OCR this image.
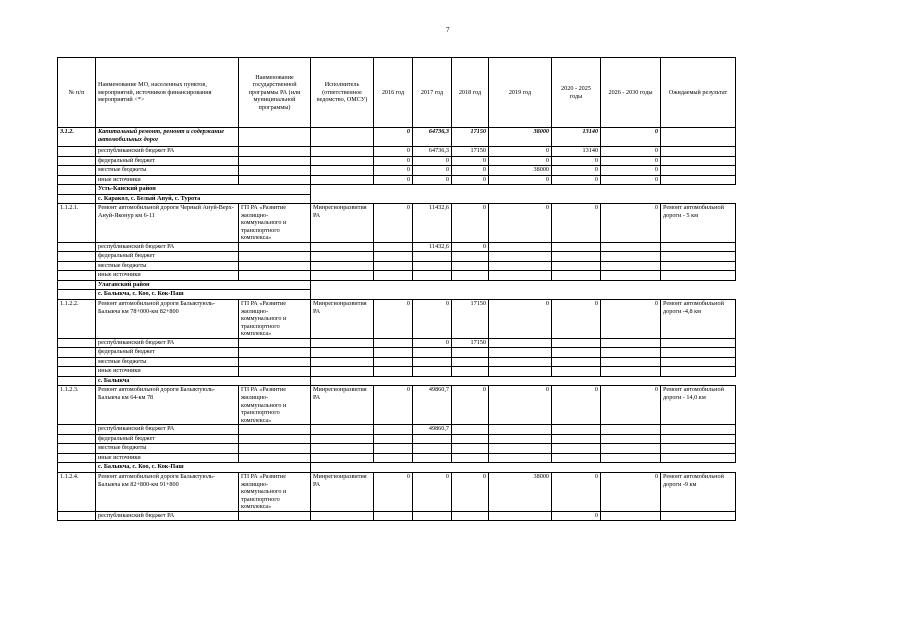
7
№ п/п	Наименование МО, населенных пунктов, мероприятий, источников финансирования мероприятий <*>	Наименование государственной программы РА (или муниципальной программы)	Исполнитель (ответственное ведомство, ОМСУ)	2016 год	2017 год	2018 год	2019 год	2020 - 2025 годы	2026 - 2030 годы	Ожидаемый результат
3.1.2.	Капитальный ремонт, ремонт и содержание автомобильных дорог			0	64736,3	17150	38000	13140	0	
	республиканский бюджет РА			0	64736,3	17150	0	13140	0	
	федеральный бюджет			0	0	0	0	0	0	
	местные бюджеты			0	0	0	38000	0	0	
	иные источники			0	0	0	0	0	0	
	Усть-Канский район									
	с. Каракол, с. Белый Ануй, с. Турота									
1.1.2.1.	Ремонт автомобильной дороги Черный Ануй-Верх-Ануй-Яконур км 6-11	ГП РА «Развитие жилищно-коммунального и транспортного комплекса»	Минрегионразвития РА	0	11432,6	0	0	0	0	Ремонт автомобильной дороги - 5 км
	республиканский бюджет РА				11432,6	0				
	федеральный бюджет									
	местные бюджеты									
	иные источники									
	Улаганский район									
	с. Балыкча, с. Коо, с. Кок-Паш									
1.1.2.2.	Ремонт автомобильной дороги Балыктуюль-Балыкча км 78+000-км 82+800	ГП РА «Развитие жилищно-коммунального и транспортного комплекса»	Минрегионразвития РА	0	0	17150	0	0	0	Ремонт автомобильной дороги -4,8 км
	республиканский бюджет РА				0	17150				
	федеральный бюджет									
	местные бюджеты									
	иные источники									
	с. Балыкча									
1.1.2.3.	Ремонт автомобильной дороги Балыктуюль-Балыкча км 64-км 78	ГП РА «Развитие жилищно-коммунального и транспортного комплекса»	Минрегионразвития РА	0	49860,7	0	0	0	0	Ремонт автомобильной дороги - 14,0 км
	республиканский бюджет РА				49860,7					
	федеральный бюджет									
	местные бюджеты									
	иные источники									
	с. Балыкча, с. Коо, с. Кок-Паш									
1.1.2.4.	Ремонт автомобильной дороги Балыктуюль-Балыкча км 82+800-км 91+800	ГП РА «Развитие жилищно-коммунального и транспортного комплекса»	Минрегионразвития РА	0	0	0	38000	0	0	Ремонт автомобильной дороги -9 км
	республиканский бюджет РА							0		
